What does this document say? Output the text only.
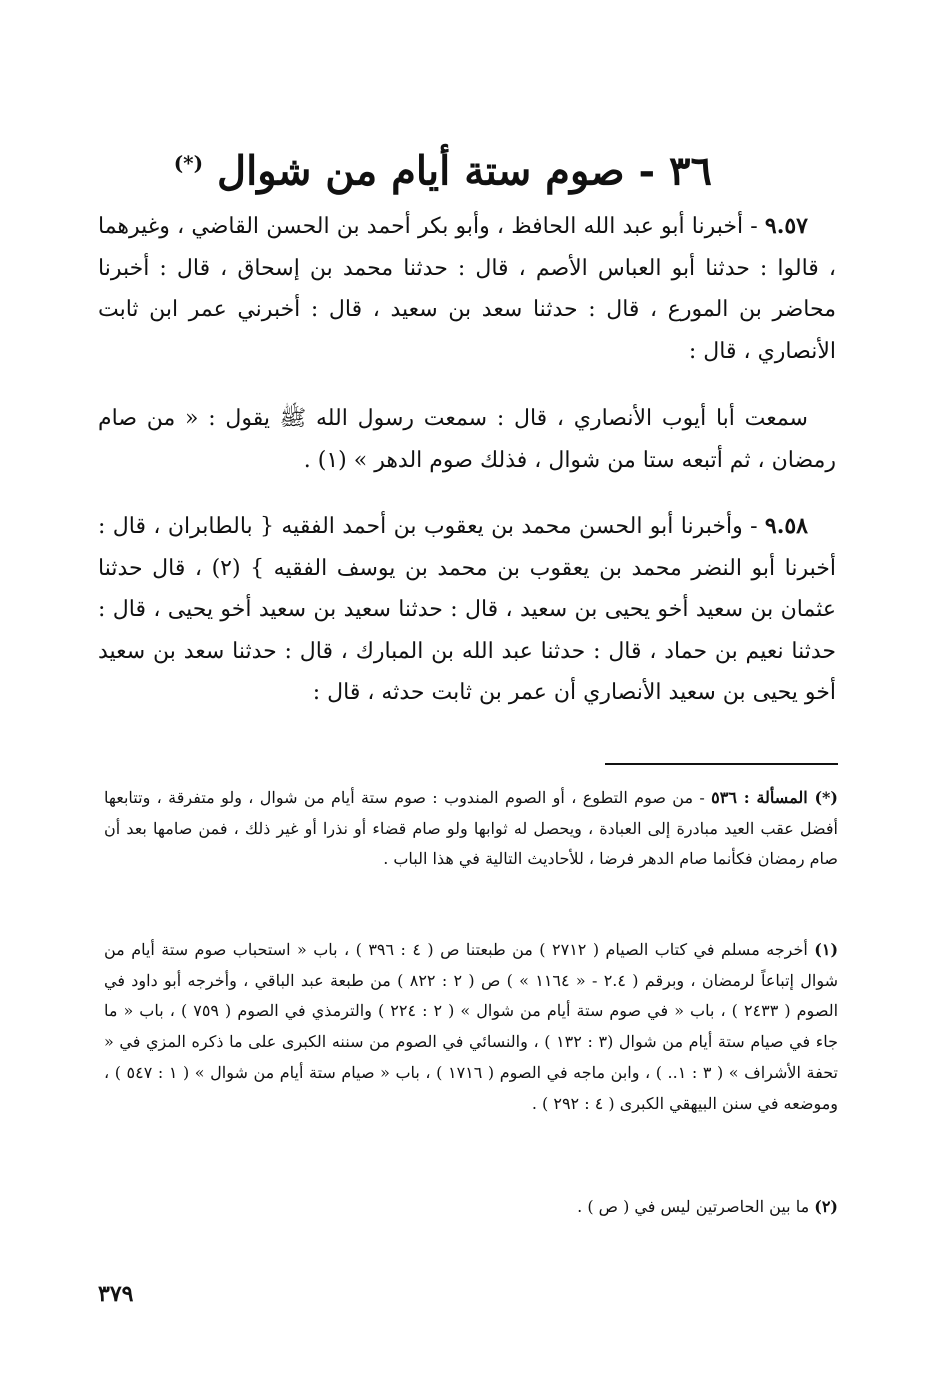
٣٦ - صوم ستة أيام من شوال (*)

٩.٥٧ - أخبرنا أبو عبد الله الحافظ ، وأبو بكر أحمد بن الحسن القاضي ، وغيرهما ، قالوا : حدثنا أبو العباس الأصم ، قال : حدثنا محمد بن إسحاق ، قال : أخبرنا محاضر بن المورع ، قال : حدثنا سعد بن سعيد ، قال : أخبرني عمر ابن ثابت الأنصاري ، قال :

سمعت أبا أيوب الأنصاري ، قال : سمعت رسول الله ﷺ يقول : « من صام رمضان ، ثم أتبعه ستا من شوال ، فذلك صوم الدهر » (١) .

٩.٥٨ - وأخبرنا أبو الحسن محمد بن يعقوب بن أحمد الفقيه { بالطابران ، قال : أخبرنا أبو النضر محمد بن يعقوب بن محمد بن يوسف الفقيه } (٢) ، قال حدثنا عثمان بن سعيد أخو يحيى بن سعيد ، قال : حدثنا سعيد بن سعيد أخو يحيى ، قال : حدثنا نعيم بن حماد ، قال : حدثنا عبد الله بن المبارك ، قال : حدثنا سعد بن سعيد أخو يحيى بن سعيد الأنصاري أن عمر بن ثابت حدثه ، قال :

(*) المسألة : ٥٣٦ - من صوم التطوع ، أو الصوم المندوب : صوم ستة أيام من شوال ، ولو متفرقة ، وتتابعها أفضل عقب العيد مبادرة إلى العبادة ، ويحصل له ثوابها ولو صام قضاء أو نذرا أو غير ذلك ، فمن صامها بعد أن صام رمضان فكأنما صام الدهر فرضا ، للأحاديث التالية في هذا الباب .

(١) أخرجه مسلم في كتاب الصيام ( ٢٧١٢ ) من طبعتنا ص ( ٤ : ٣٩٦ ) ، باب « استحباب صوم ستة أيام من شوال إتباعاً لرمضان ، وبرقم ( ٢.٤ - « ١١٦٤ » ) ص ( ٢ : ٨٢٢ ) من طبعة عبد الباقي ، وأخرجه أبو داود في الصوم ( ٢٤٣٣ ) ، باب « في صوم ستة أيام من شوال » ( ٢ : ٢٢٤ ) والترمذي في الصوم ( ٧٥٩ ) ، باب « ما جاء في صيام ستة أيام من شوال (٣ : ١٣٢ ) ، والنسائي في الصوم من سننه الكبرى على ما ذكره المزي في « تحفة الأشراف » ( ٣ : ١.. ) ، وابن ماجه في الصوم ( ١٧١٦ ) ، باب « صيام ستة أيام من شوال » ( ١ : ٥٤٧ ) ، وموضعه في سنن البيهقي الكبرى ( ٤ : ٢٩٢ ) .

(٢) ما بين الحاصرتين ليس في ( ص ) .

٣٧٩
